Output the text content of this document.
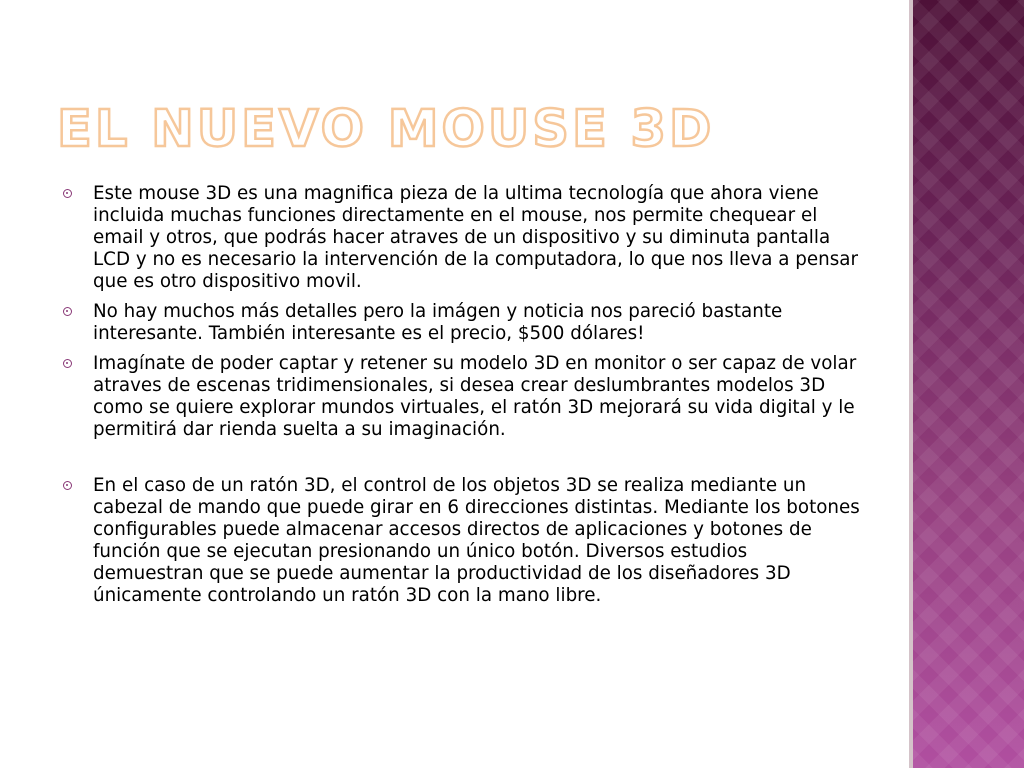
EL NUEVO MOUSE 3D
Este mouse 3D es una magnifica pieza de la ultima tecnología que ahora viene incluida muchas funciones directamente en el mouse, nos permite chequear el email y otros, que podrás hacer atraves de un dispositivo y su diminuta pantalla LCD y no es necesario la intervención de la computadora, lo que nos lleva a pensar que es otro dispositivo movil.
No hay muchos más detalles pero la imágen y noticia nos pareció bastante interesante. También interesante es el precio, $500 dólares!
Imagínate de poder captar y retener su modelo 3D en monitor o ser capaz de volar atraves de escenas tridimensionales, si desea crear deslumbrantes modelos 3D como se quiere explorar mundos virtuales, el ratón 3D mejorará su vida digital y le permitirá dar rienda suelta a su imaginación.
En el caso de un ratón 3D, el control de los objetos 3D se realiza mediante un cabezal de mando que puede girar en 6 direcciones distintas. Mediante los botones configurables puede almacenar accesos directos de aplicaciones y botones de función que se ejecutan presionando un único botón. Diversos estudios demuestran que se puede aumentar la productividad de los diseñadores 3D únicamente controlando un ratón 3D con la mano libre.
